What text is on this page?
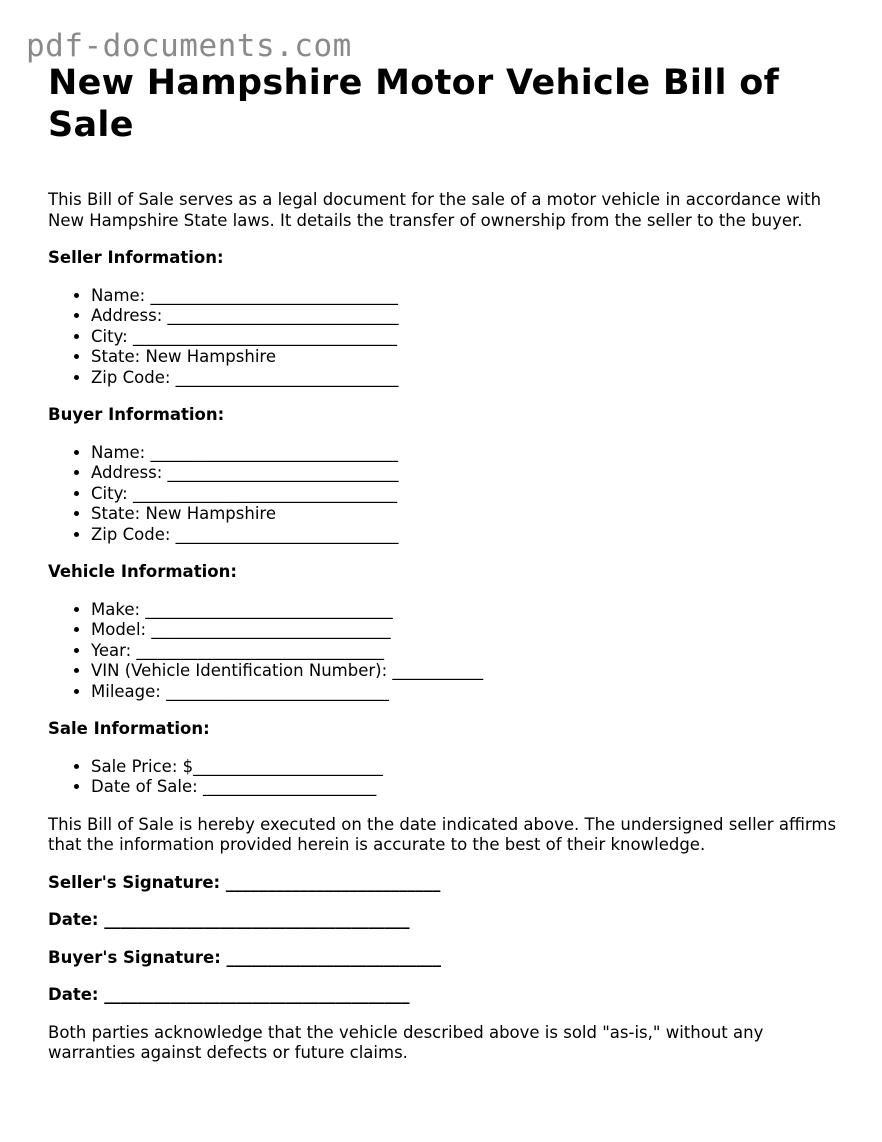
pdf-documents.com
New Hampshire Motor Vehicle Bill of Sale

This Bill of Sale serves as a legal document for the sale of a motor vehicle in accordance with New Hampshire State laws. It details the transfer of ownership from the seller to the buyer.

Seller Information:
• Name: ______________________________
• Address: ____________________________
• City: ________________________________
• State: New Hampshire
• Zip Code: ___________________________
Buyer Information:
• Name: ______________________________
• Address: ____________________________
• City: ________________________________
• State: New Hampshire
• Zip Code: ___________________________
Vehicle Information:
• Make: ______________________________
• Model: _____________________________
• Year: ______________________________
• VIN (Vehicle Identification Number): ___________
• Mileage: ___________________________
Sale Information:
• Sale Price: $_______________________
• Date of Sale: _____________________

This Bill of Sale is hereby executed on the date indicated above. The undersigned seller affirms that the information provided herein is accurate to the best of their knowledge.

Seller's Signature: __________________________
Date: _____________________________________
Buyer's Signature: __________________________
Date: _____________________________________

Both parties acknowledge that the vehicle described above is sold "as-is," without any warranties against defects or future claims.
